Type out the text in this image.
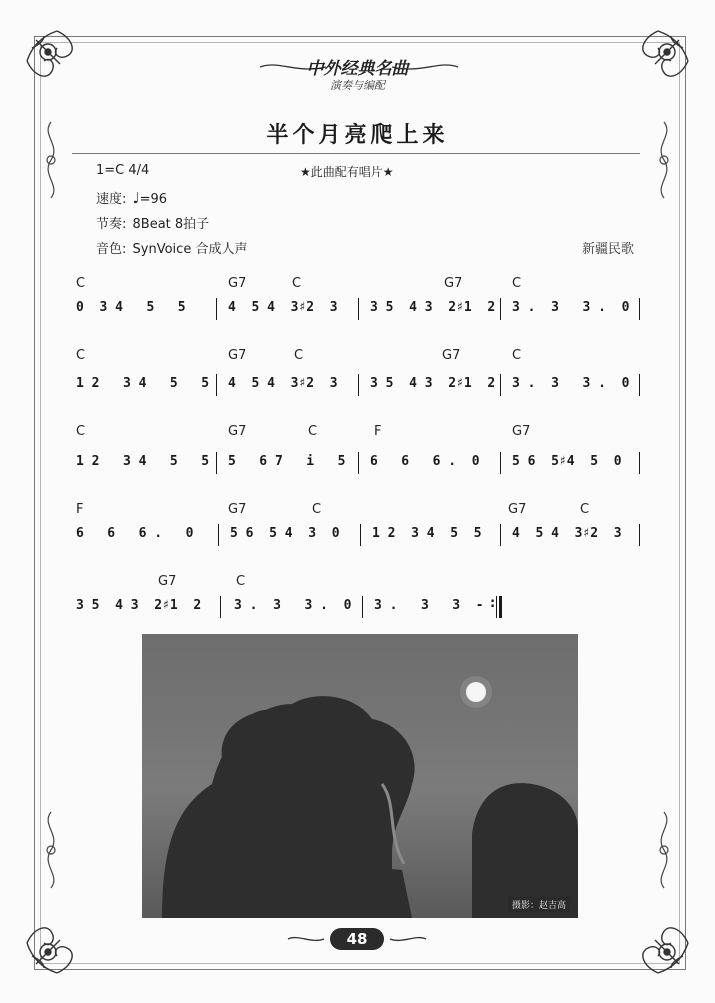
中外经典名曲
演奏与编配
半个月亮爬上来
1=C 4/4	★此曲配有唱片★
速度: ♩=96
节奏: 8Beat 8拍子
音色: SynVoice 合成人声	新疆民歌
C	G7	C	G7	C
0  3 4   5   5	4  5 4  3♯2  3 3 5  4 3  2♯1  2 3 .  3   3 .  0
C	G7	C	G7	C
1 2   3 4   5   5 4  5 4  3♯2  3 3 5  4 3  2♯1  2 3 .  3   3 .  0
C	G7	C	F	G7
1 2   3 4   5   5 5   6 7   i   5 6   6   6 .  0 5 6  5♯4  5  0
F	G7	C	G7	C
6   6   6 .   0	5 6  5 4  3  0 1 2  3 4  5  5 4  5 4  3♯2  3
G7	C
3 5  4 3  2♯1  2	3 .  3   3 .  0 3 .   3   3  - :
摄影：赵吉高
48
